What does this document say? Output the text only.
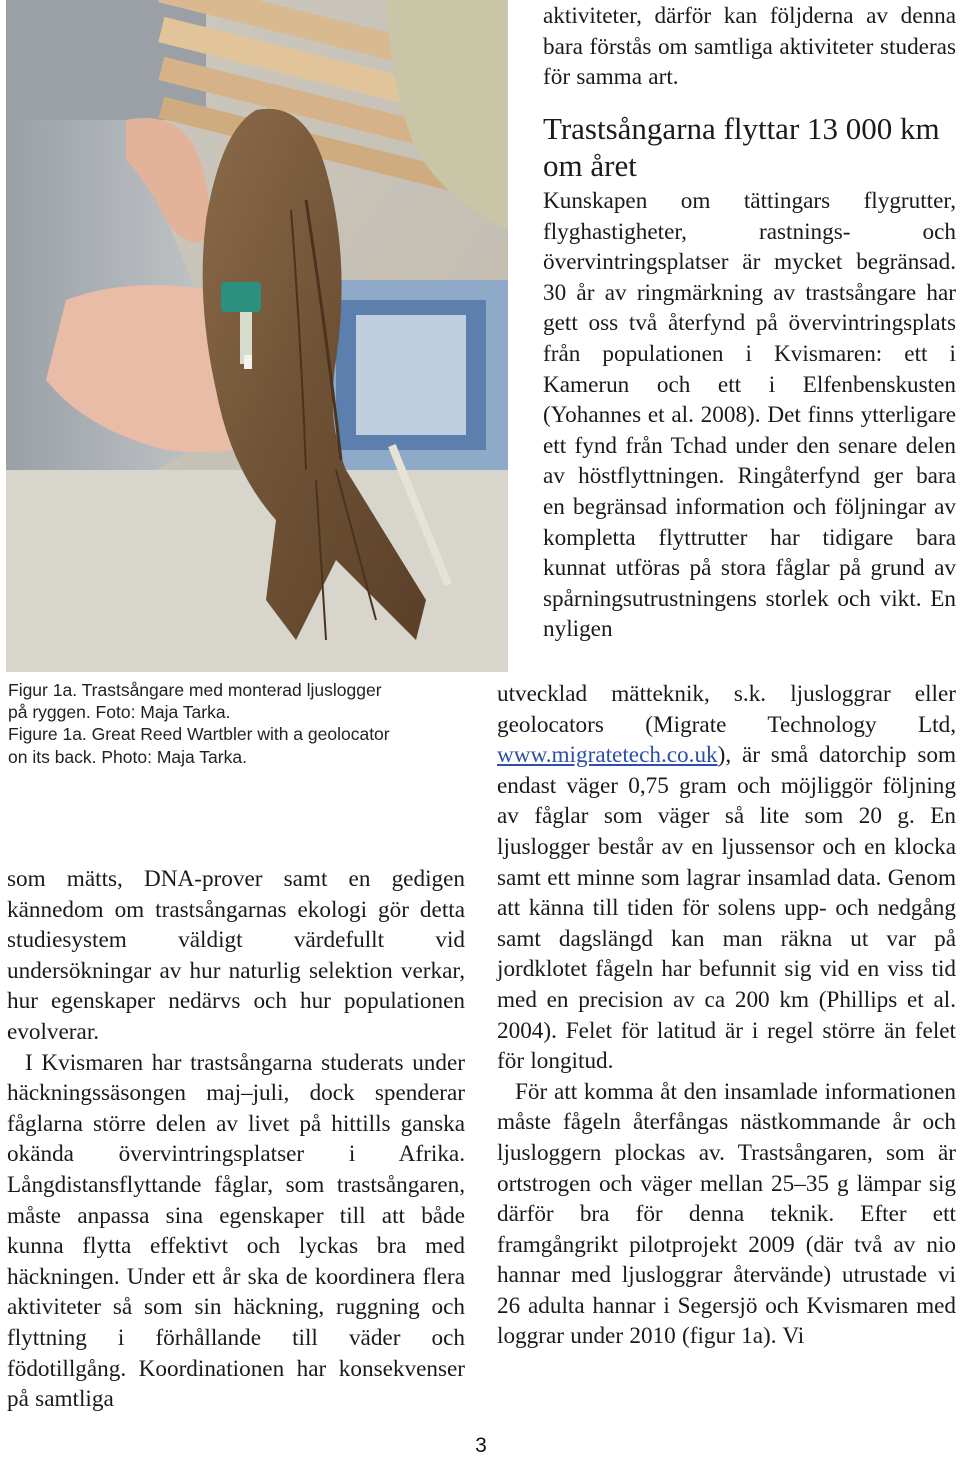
Figur 1a. Trastsångare med monterad ljuslogger

på ryggen. Foto: Maja Tarka.

Figure 1a. Great Reed Wartbler with a geolocator

on its back. Photo: Maja Tarka.

som mätts, DNA-prover samt en gedigen kännedom om trastsångarnas ekologi gör detta studiesystem väldigt värdefullt vid undersökningar av hur naturlig selektion verkar, hur egenskaper nedärvs och hur populationen evolverar.

I Kvismaren har trastsångarna studerats under häckningssäsongen maj–juli, dock spenderar fåglarna större delen av livet på hittills ganska okända övervintringsplatser i Afrika. Långdistansflyttande fåglar, som trastsångaren, måste anpassa sina egenskaper till att både kunna flytta effektivt och lyckas bra med häckningen. Under ett år ska de koordinera flera aktiviteter så som sin häckning, ruggning och flyttning i förhållande till väder och födotillgång. Koordinationen har konsekvenser på samtliga

aktiviteter, därför kan följderna av denna bara förstås om samtliga aktiviteter studeras för samma art.

Trastsångarna flyttar 13 000 km om året

Kunskapen om tättingars flygrutter, flyghastigheter, rastnings- och övervintringsplatser är mycket begränsad. 30 år av ringmärkning av trastsångare har gett oss två återfynd på övervintringsplats från populationen i Kvismaren: ett i Kamerun och ett i Elfenbenskusten (Yohannes et al. 2008). Det finns ytterligare ett fynd från Tchad under den senare delen av höstflyttningen. Ringåterfynd ger bara en begränsad information och följningar av kompletta flyttrutter har tidigare bara kunnat utföras på stora fåglar på grund av spårningsutrustningens storlek och vikt. En nyligen

utvecklad mätteknik, s.k. ljusloggrar eller geolocators (Migrate Technology Ltd, www.migratetech.co.uk), är små datorchip som endast väger 0,75 gram och möjliggör följning av fåglar som väger så lite som 20 g. En ljuslogger består av en ljussensor och en klocka samt ett minne som lagrar insamlad data. Genom att känna till tiden för solens upp- och nedgång samt dagslängd kan man räkna ut var på jordklotet fågeln har befunnit sig vid en viss tid med en precision av ca 200 km (Phillips et al. 2004). Felet för latitud är i regel större än felet för longitud.

För att komma åt den insamlade informationen måste fågeln återfångas nästkommande år och ljusloggern plockas av. Trastsångaren, som är ortstrogen och väger mellan 25–35 g lämpar sig därför bra för denna teknik. Efter ett framgångrikt pilotprojekt 2009 (där två av nio hannar med ljusloggrar återvände) utrustade vi 26 adulta hannar i Segersjö och Kvismaren med loggrar under 2010 (figur 1a). Vi

3
